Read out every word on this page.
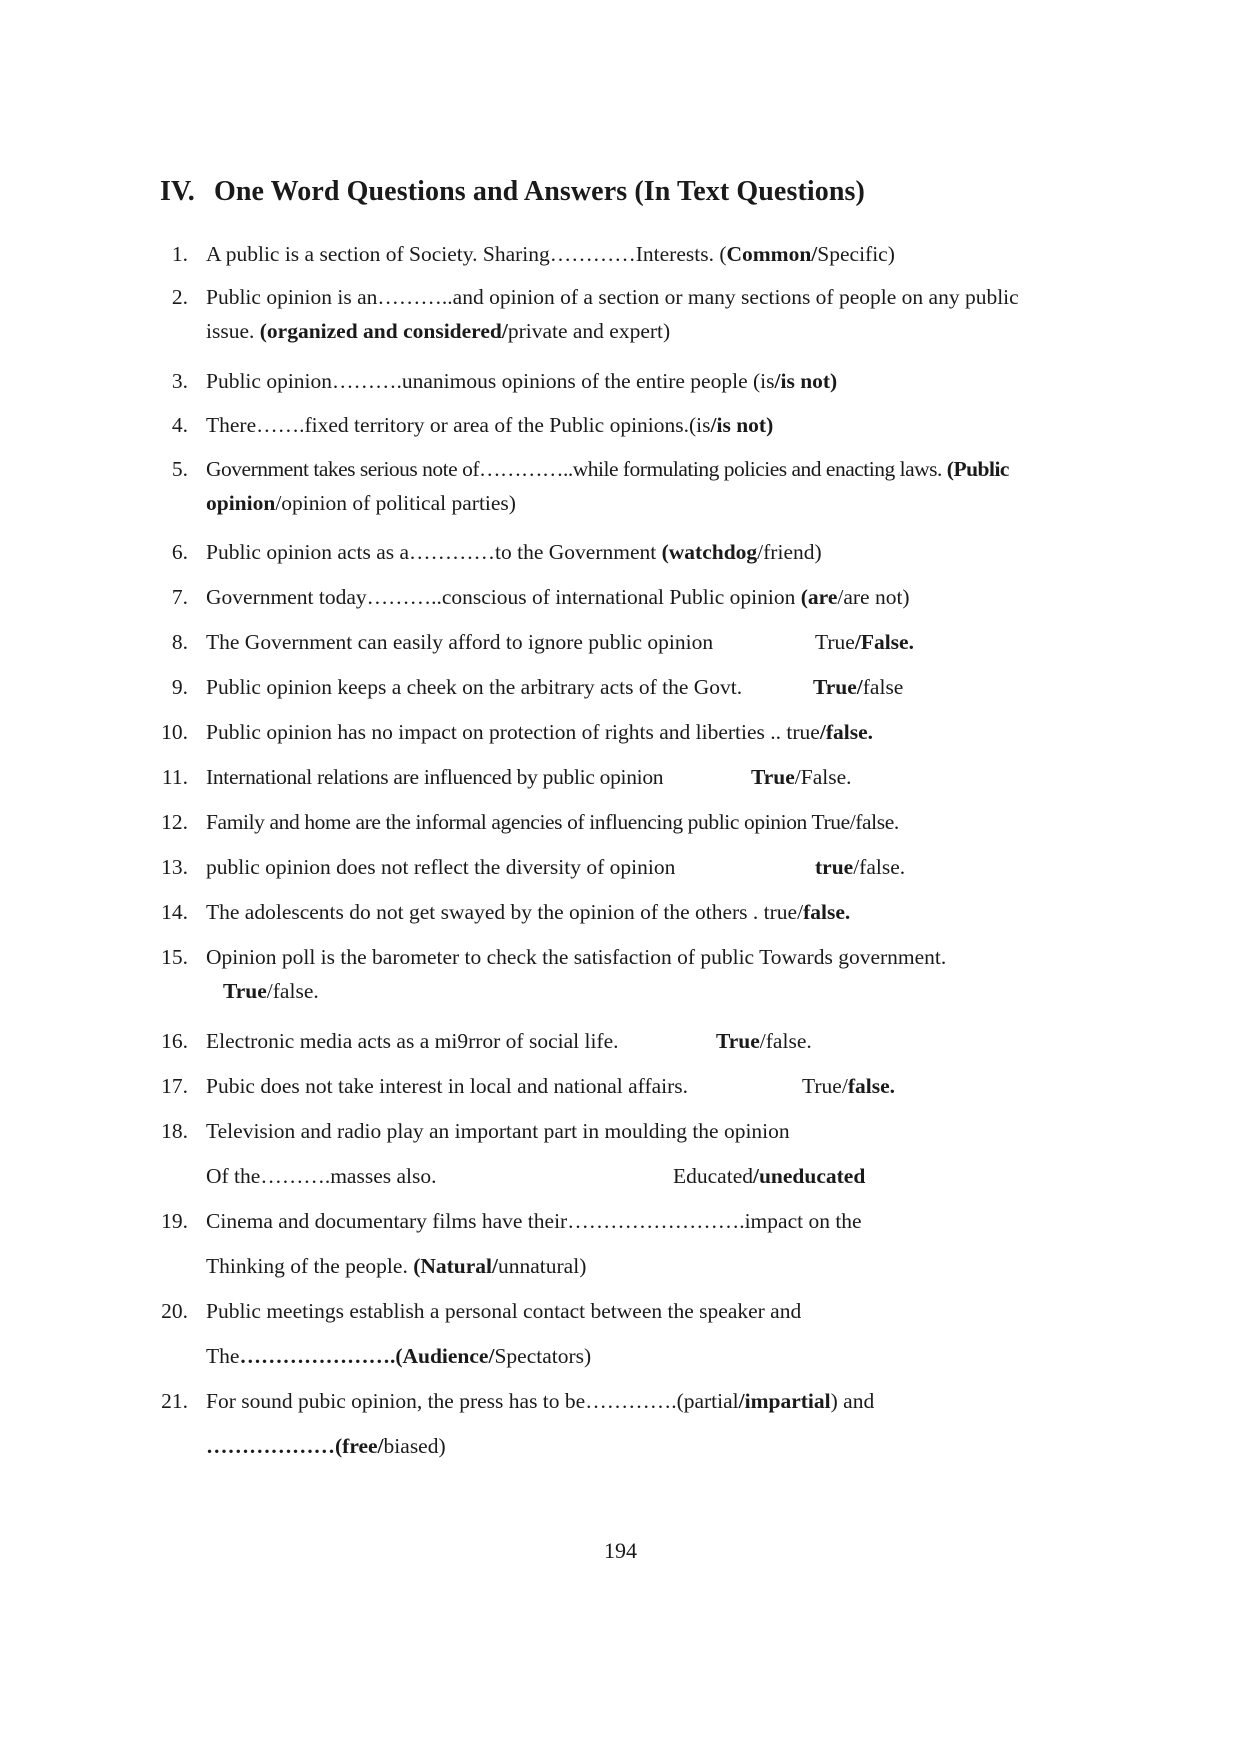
IV. One Word Questions and Answers (In Text Questions)
1. A public is a section of Society. Sharing…………Interests. (Common/Specific)
2. Public opinion is an………..and opinion of a section or many sections of people on any public
issue. (organized and considered/private and expert)
3. Public opinion……….unanimous opinions of the entire people (is/is not)
4. There…….fixed territory or area of the Public opinions.(is/is not)
5. Government takes serious note of…………..while formulating policies and enacting laws. (Public
opinion/opinion of political parties)
6. Public opinion acts as a…………to the Government (watchdog/friend)
7. Government today………..conscious of international Public opinion (are/are not)
8. The Government can easily afford to ignore public opinion	True/False.
9. Public opinion keeps a cheek on the arbitrary acts of the Govt.	True/false
10. Public opinion has no impact on protection of rights and liberties .. true/false.
11. International relations are influenced by public opinion	True/False.
12. Family and home are the informal agencies of influencing public opinion True/false.
13. public opinion does not reflect the diversity of opinion	true/false.
14. The adolescents do not get swayed by the opinion of the others . true/false.
15. Opinion poll is the barometer to check the satisfaction of public Towards government.
True/false.
16. Electronic media acts as a mi9rror of social life.	True/false.
17. Pubic does not take interest in local and national affairs.	True/false.
18. Television and radio play an important part in moulding the opinion
Of the……….masses also.	Educated/uneducated
19. Cinema and documentary films have their…………………….impact on the
Thinking of the people. (Natural/unnatural)
20. Public meetings establish a personal contact between the speaker and
The………………….(Audience/Spectators)
21. For sound pubic opinion, the press has to be………….(partial/impartial) and
………………(free/biased)
194
